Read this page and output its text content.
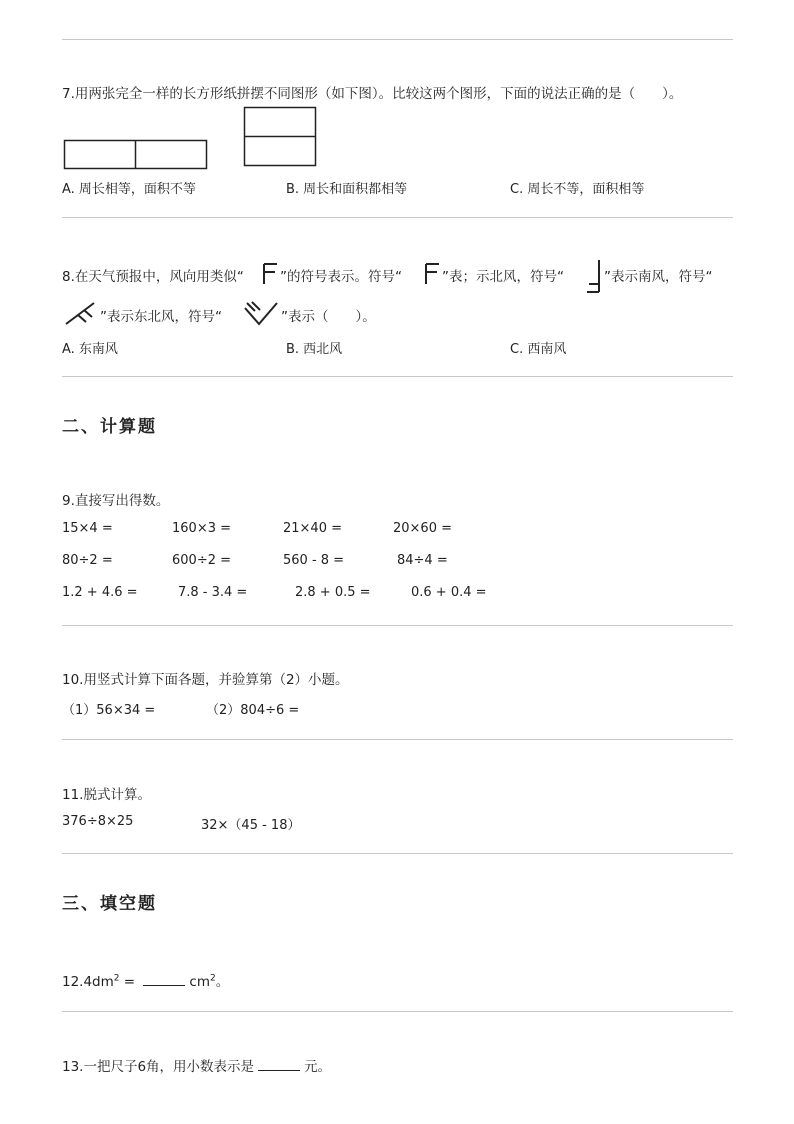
7.用两张完全一样的长方形纸拼摆不同图形（如下图）。比较这两个图形，下面的说法正确的是（　　）。
A. 周长相等，面积不等	B. 周长和面积都相等	C. 周长不等，面积相等
8.在天气预报中，风向用类似“	”的符号表示。符号“	”表；示北风，符号“	”表示南风，符号“
”表示东北风，符号“	”表示（　　）。
A. 东南风	B. 西北风	C. 西南风
二、计算题
9.直接写出得数。
15×4 =	160×3 =	21×40 =	20×60 =
80÷2 =	600÷2 =	560 - 8 =	84÷4 =
1.2 + 4.6 =	7.8 - 3.4 =	2.8 + 0.5 =	0.6 + 0.4 =
10.用竖式计算下面各题，并验算第（2）小题。
（1）56×34 =	（2）804÷6 =
11.脱式计算。
376÷8×25	32×（45 - 18）
三、填空题
$12.4dm^2$ =	$cm^2$。
13.一把尺子6角，用小数表示是	元。
